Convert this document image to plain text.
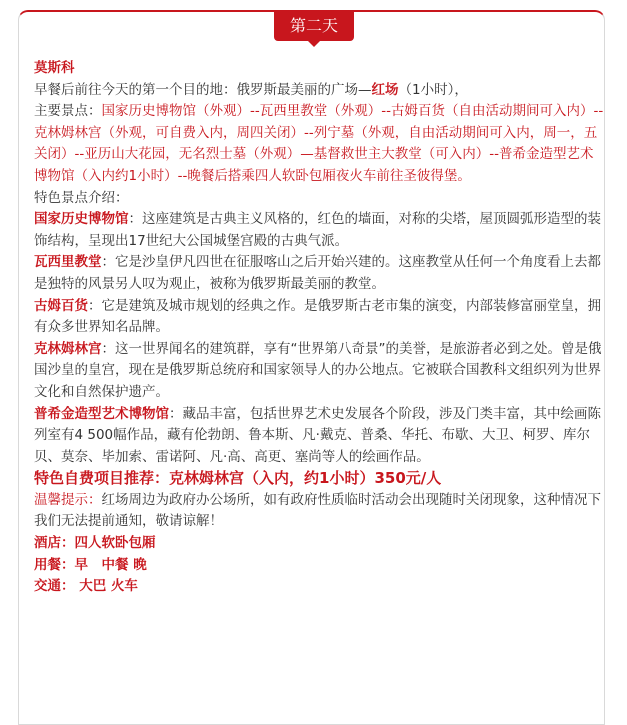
第二天

莫斯科

早餐后前往今天的第一个目的地：俄罗斯最美丽的广场—红场（1小时），

主要景点：国家历史博物馆（外观）--瓦西里教堂（外观）--古姆百货（自由活动期间可入内）--克林姆林宫（外观，可自费入内，周四关闭）--列宁墓（外观，自由活动期间可入内，周一，五关闭）--亚历山大花园，无名烈士墓（外观）—基督救世主大教堂（可入内）--普希金造型艺术博物馆（入内约1小时）--晚餐后搭乘四人软卧包厢夜火车前往圣彼得堡。

特色景点介绍：

国家历史博物馆：这座建筑是古典主义风格的，红色的墙面，对称的尖塔，屋顶圆弧形造型的装饰结构，呈现出17世纪大公国城堡宫殿的古典气派。

瓦西里教堂：它是沙皇伊凡四世在征服喀山之后开始兴建的。这座教堂从任何一个角度看上去都是独特的风景另人叹为观止，被称为俄罗斯最美丽的教堂。

古姆百货：它是建筑及城市规划的经典之作。是俄罗斯古老市集的演变，内部装修富丽堂皇，拥有众多世界知名品牌。

克林姆林宫：这一世界闻名的建筑群，享有“世界第八奇景”的美誉，是旅游者必到之处。曾是俄国沙皇的皇宫，现在是俄罗斯总统府和国家领导人的办公地点。它被联合国教科文组织列为世界文化和自然保护遗产。

普希金造型艺术博物馆：藏品丰富，包括世界艺术史发展各个阶段，涉及门类丰富，其中绘画陈列室有4 500幅作品，藏有伦勃朗、鲁本斯、凡·戴克、普桑、华托、布歇、大卫、柯罗、库尔贝、莫奈、毕加索、雷诺阿、凡·高、高更、塞尚等人的绘画作品。

特色自费项目推荐：克林姆林宫（入内，约1小时）350元/人

温馨提示：红场周边为政府办公场所，如有政府性质临时活动会出现随时关闭现象，这种情况下我们无法提前通知，敬请谅解！

酒店：四人软卧包厢

用餐：早　中餐 晚

交通： 大巴 火车
